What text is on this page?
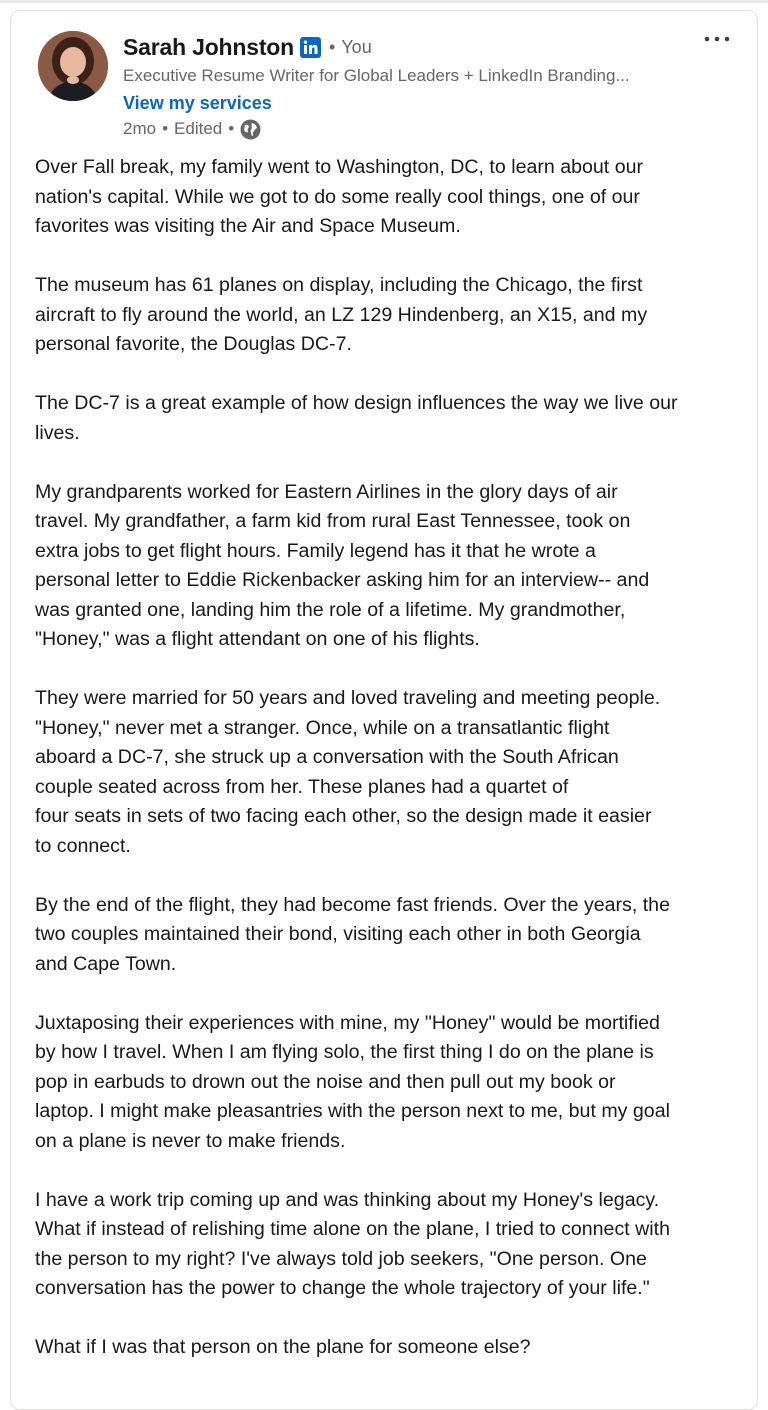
Sarah Johnston • You
Executive Resume Writer for Global Leaders + LinkedIn Branding...
View my services
2mo • Edited •

Over Fall break, my family went to Washington, DC, to learn about our
nation's capital. While we got to do some really cool things, one of our
favorites was visiting the Air and Space Museum.

The museum has 61 planes on display, including the Chicago, the first
aircraft to fly around the world, an LZ 129 Hindenberg, an X15, and my
personal favorite, the Douglas DC-7.

The DC-7 is a great example of how design influences the way we live our
lives.

My grandparents worked for Eastern Airlines in the glory days of air
travel. My grandfather, a farm kid from rural East Tennessee, took on
extra jobs to get flight hours. Family legend has it that he wrote a
personal letter to Eddie Rickenbacker asking him for an interview-- and
was granted one, landing him the role of a lifetime. My grandmother,
"Honey," was a flight attendant on one of his flights.

They were married for 50 years and loved traveling and meeting people.
"Honey," never met a stranger. Once, while on a transatlantic flight
aboard a DC-7, she struck up a conversation with the South African
couple seated across from her. These planes had a quartet of
four seats in sets of two facing each other, so the design made it easier
to connect.

By the end of the flight, they had become fast friends. Over the years, the
two couples maintained their bond, visiting each other in both Georgia
and Cape Town.

Juxtaposing their experiences with mine, my "Honey" would be mortified
by how I travel. When I am flying solo, the first thing I do on the plane is
pop in earbuds to drown out the noise and then pull out my book or
laptop. I might make pleasantries with the person next to me, but my goal
on a plane is never to make friends.

I have a work trip coming up and was thinking about my Honey's legacy.
What if instead of relishing time alone on the plane, I tried to connect with
the person to my right? I've always told job seekers, "One person. One
conversation has the power to change the whole trajectory of your life."

What if I was that person on the plane for someone else?
